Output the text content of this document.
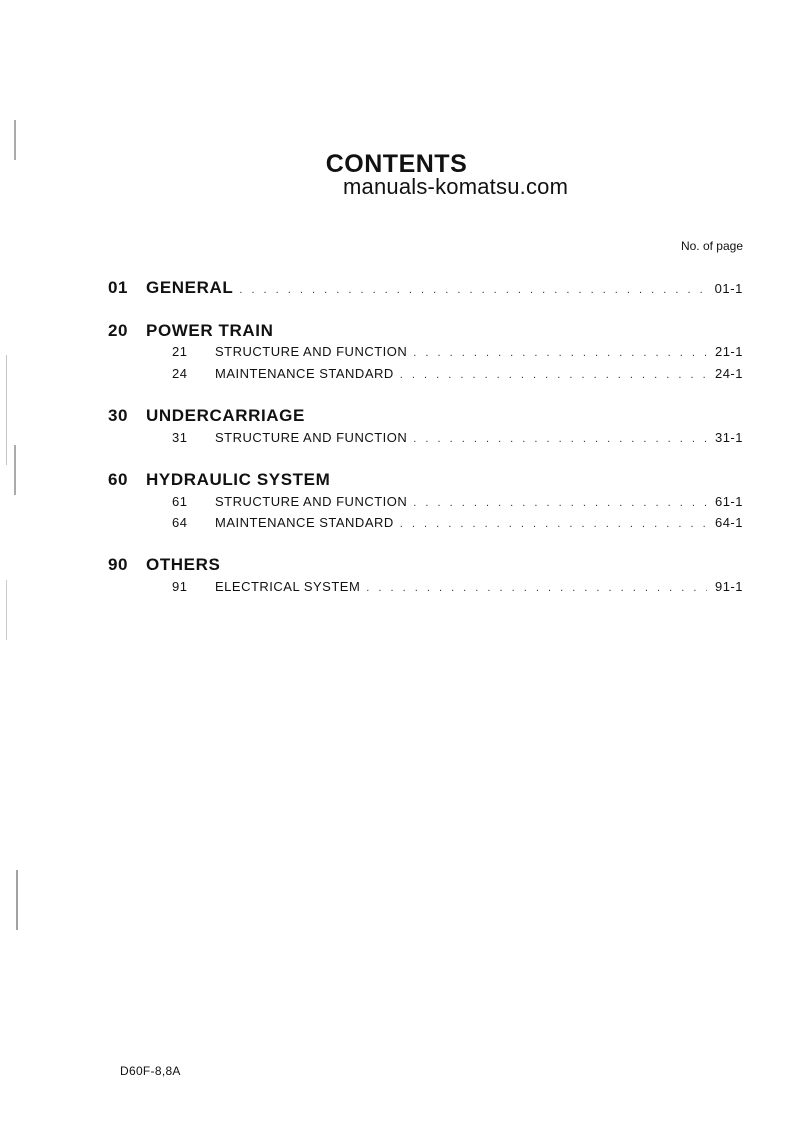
CONTENTS
manuals-komatsu.com
No. of page
01	GENERAL . . .	01-1
20 POWER TRAIN
21	STRUCTURE AND FUNCTION . . .	21-1
24	MAINTENANCE STANDARD . . .	24-1
30 UNDERCARRIAGE
31	STRUCTURE AND FUNCTION . . .	31-1
60 HYDRAULIC SYSTEM
61	STRUCTURE AND FUNCTION . . .	61-1
64	MAINTENANCE STANDARD . . .	64-1
90 OTHERS
91	ELECTRICAL SYSTEM . . .	91-1
D60F-8,8A
